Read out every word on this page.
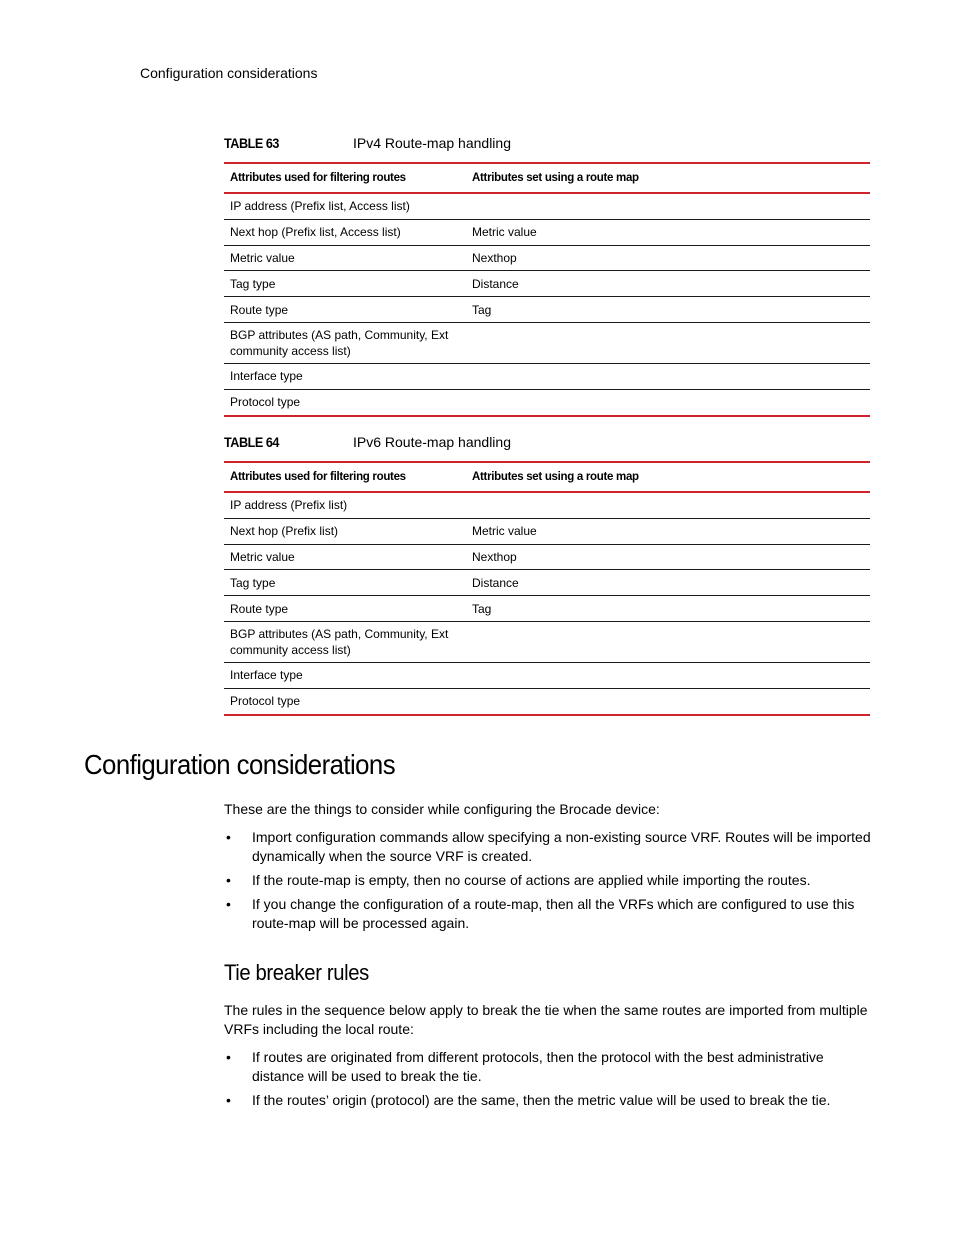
Configuration considerations
TABLE 63	IPv4 Route-map handling
Attributes used for filtering routes	Attributes set using a route map
IP address (Prefix list, Access list)	
Next hop (Prefix list, Access list)	Metric value
Metric value	Nexthop
Tag type	Distance
Route type	Tag
BGP attributes (AS path, Community, Ext community access list)	
Interface type	
Protocol type	
TABLE 64	IPv6 Route-map handling
Attributes used for filtering routes	Attributes set using a route map
IP address (Prefix list)	
Next hop (Prefix list)	Metric value
Metric value	Nexthop
Tag type	Distance
Route type	Tag
BGP attributes (AS path, Community, Ext community access list)	
Interface type	
Protocol type	
Configuration considerations

These are the things to consider while configuring the Brocade device:

• Import configuration commands allow specifying a non-existing source VRF. Routes will be imported dynamically when the source VRF is created.
• If the route-map is empty, then no course of actions are applied while importing the routes.
• If you change the configuration of a route-map, then all the VRFs which are configured to use this route-map will be processed again.
Tie breaker rules

The rules in the sequence below apply to break the tie when the same routes are imported from multiple VRFs including the local route:

• If routes are originated from different protocols, then the protocol with the best administrative distance will be used to break the tie.
• If the routes’ origin (protocol) are the same, then the metric value will be used to break the tie.
